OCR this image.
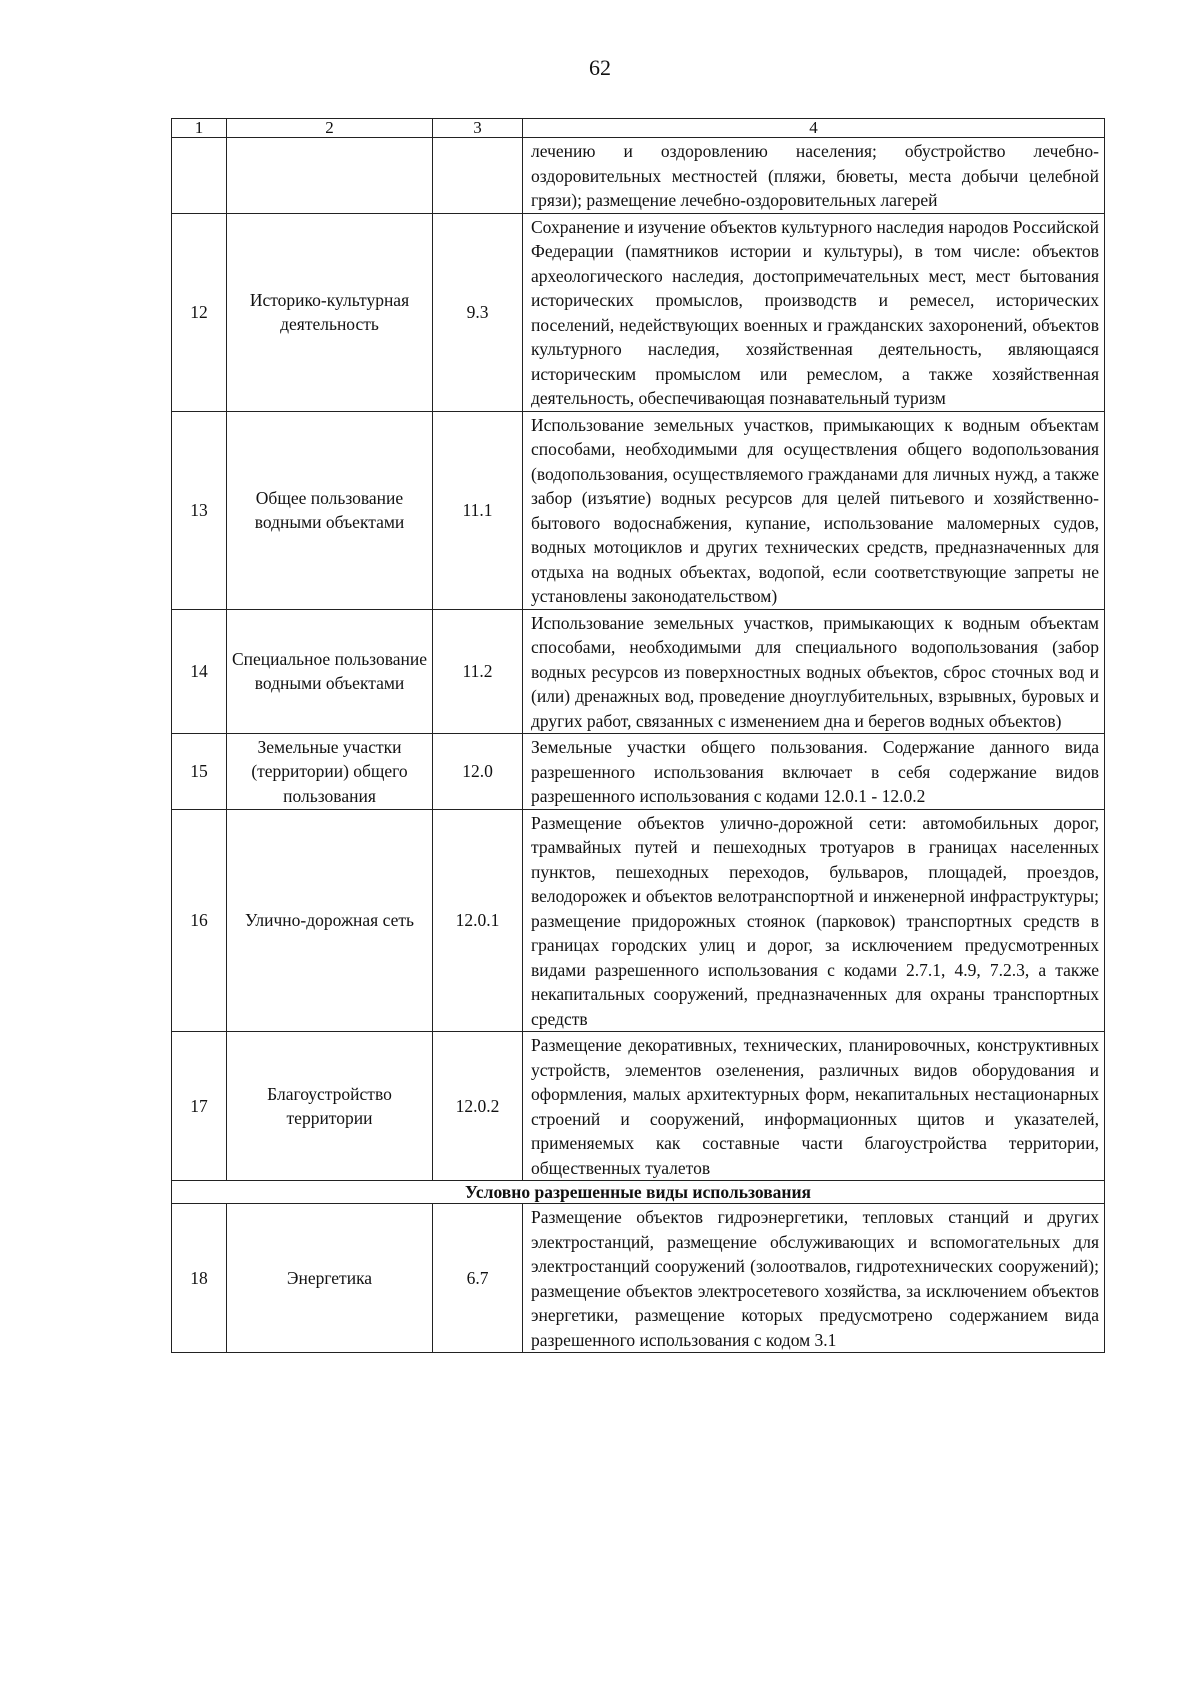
62
1	2	3	4
			лечению и оздоровлению населения; обустройство лечебно-оздоровительных местностей (пляжи, бюветы, места добычи целебной грязи); размещение лечебно-оздоровительных лагерей
12	Историко-культурная деятельность	9.3	Сохранение и изучение объектов культурного наследия народов Российской Федерации (памятников истории и культуры), в том числе: объектов археологического наследия, достопримечательных мест, мест бытования исторических промыслов, производств и ремесел, исторических поселений, недействующих военных и гражданских захоронений, объектов культурного наследия, хозяйственная деятельность, являющаяся историческим промыслом или ремеслом, а также хозяйственная деятельность, обеспечивающая познавательный туризм
13	Общее пользование водными объектами	11.1	Использование земельных участков, примыкающих к водным объектам способами, необходимыми для осуществления общего водопользования (водопользования, осуществляемого гражданами для личных нужд, а также забор (изъятие) водных ресурсов для целей питьевого и хозяйственно-бытового водоснабжения, купание, использование маломерных судов, водных мотоциклов и других технических средств, предназначенных для отдыха на водных объектах, водопой, если соответствующие запреты не установлены законодательством)
14	Специальное пользование водными объектами	11.2	Использование земельных участков, примыкающих к водным объектам способами, необходимыми для специального водопользования (забор водных ресурсов из поверхностных водных объектов, сброс сточных вод и (или) дренажных вод, проведение дноуглубительных, взрывных, буровых и других работ, связанных с изменением дна и берегов водных объектов)
15	Земельные участки (территории) общего пользования	12.0	Земельные участки общего пользования. Содержание данного вида разрешенного использования включает в себя содержание видов разрешенного использования с кодами 12.0.1 - 12.0.2
16	Улично-дорожная сеть	12.0.1	Размещение объектов улично-дорожной сети: автомобильных дорог, трамвайных путей и пешеходных тротуаров в границах населенных пунктов, пешеходных переходов, бульваров, площадей, проездов, велодорожек и объектов велотранспортной и инженерной инфраструктуры; размещение придорожных стоянок (парковок) транспортных средств в границах городских улиц и дорог, за исключением предусмотренных видами разрешенного использования с кодами 2.7.1, 4.9, 7.2.3, а также некапитальных сооружений, предназначенных для охраны транспортных средств
17	Благоустройство территории	12.0.2	Размещение декоративных, технических, планировочных, конструктивных устройств, элементов озеленения, различных видов оборудования и оформления, малых архитектурных форм, некапитальных нестационарных строений и сооружений, информационных щитов и указателей, применяемых как составные части благоустройства территории, общественных туалетов
Условно разрешенные виды использования			
18	Энергетика	6.7	Размещение объектов гидроэнергетики, тепловых станций и других электростанций, размещение обслуживающих и вспомогательных для электростанций сооружений (золоотвалов, гидротехнических сооружений); размещение объектов электросетевого хозяйства, за исключением объектов энергетики, размещение которых предусмотрено содержанием вида разрешенного использования с кодом 3.1
